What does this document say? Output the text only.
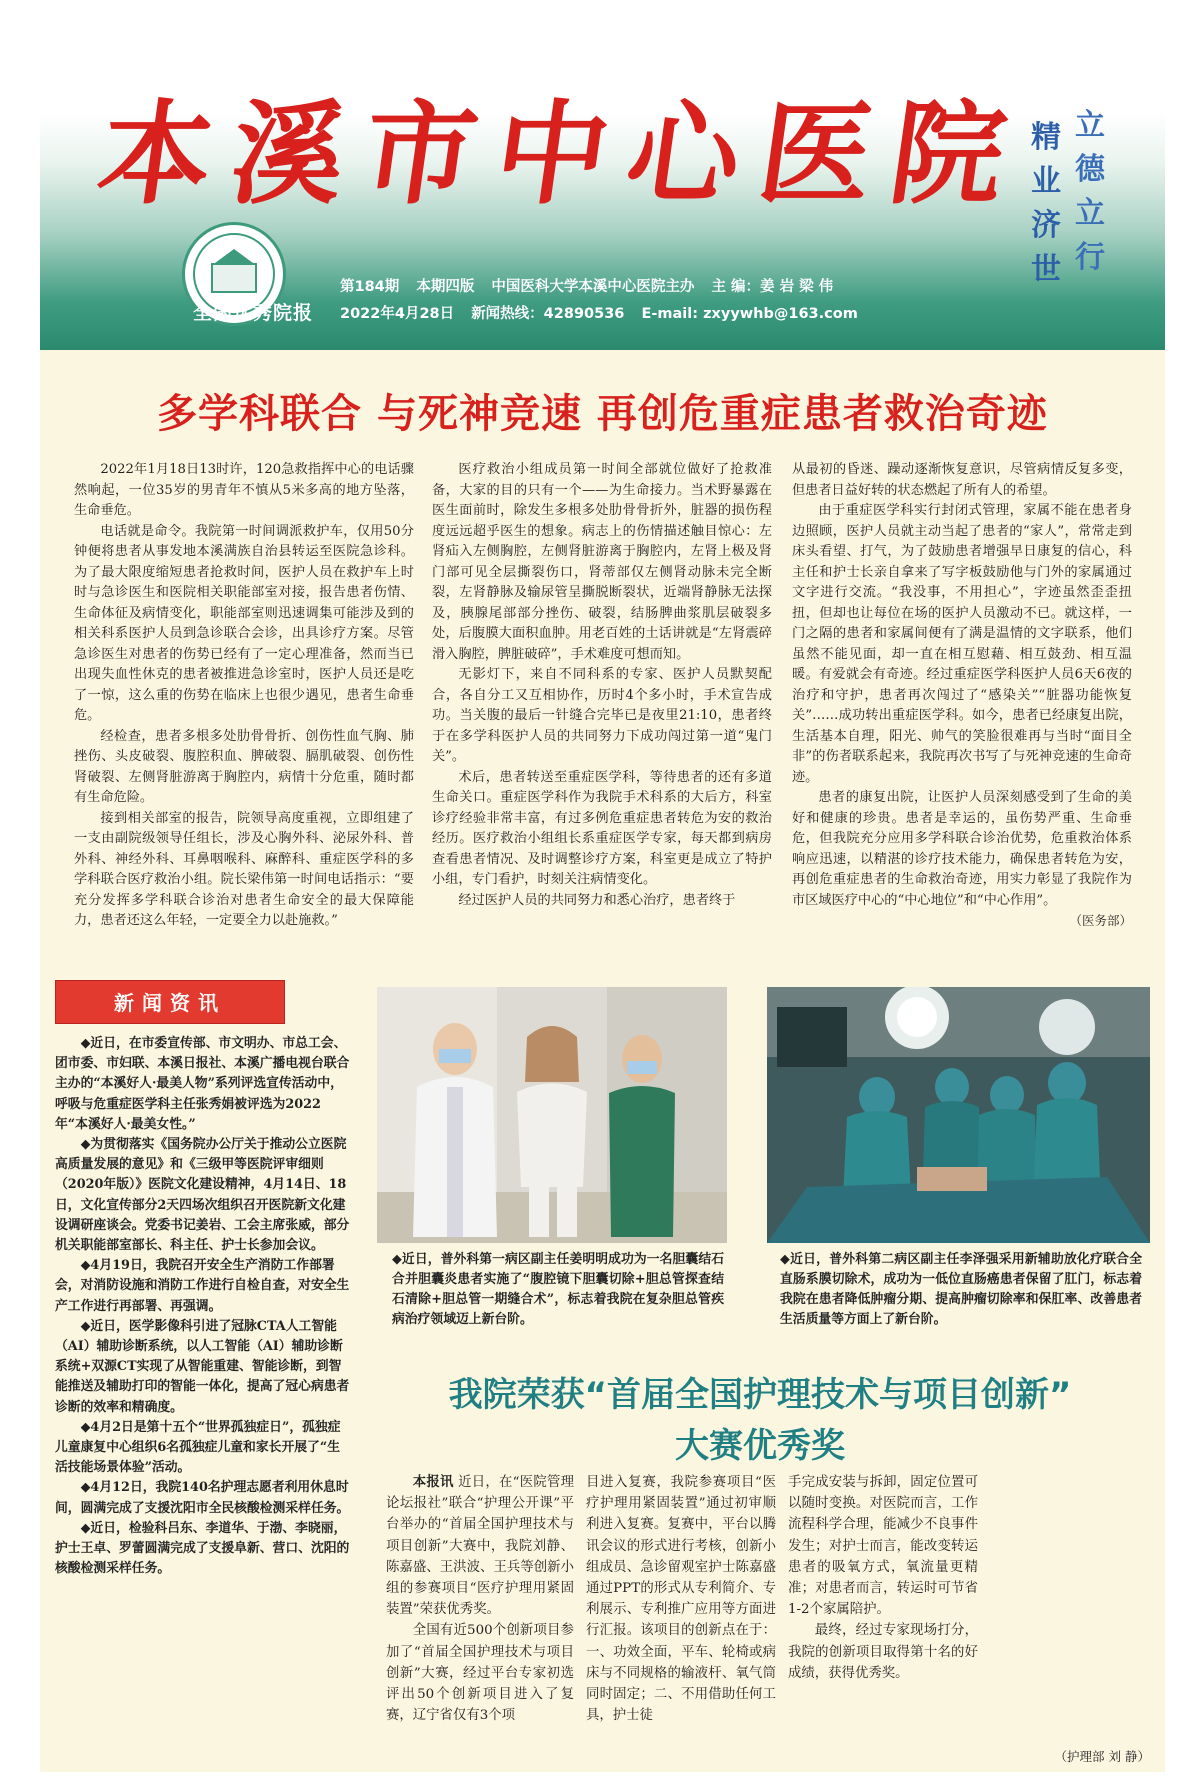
本溪市中心医院 立
德
立
行
精
业
济
世
全国优秀院报
第184期 本期四版 中国医科大学本溪中心医院主办 主 编：姜 岩 梁 伟
2022年4月28日 新闻热线：42890536 E-mail: zxyywhb@163.com
多学科联合 与死神竞速 再创危重症患者救治奇迹

2022年1月18日13时许，120急救指挥中心的电话骤然响起，一位35岁的男青年不慎从5米多高的地方坠落，生命垂危。

电话就是命令。我院第一时间调派救护车，仅用50分钟便将患者从事发地本溪满族自治县转运至医院急诊科。为了最大限度缩短患者抢救时间，医护人员在救护车上时时与急诊医生和医院相关职能部室对接，报告患者伤情、生命体征及病情变化，职能部室则迅速调集可能涉及到的相关科系医护人员到急诊联合会诊，出具诊疗方案。尽管急诊医生对患者的伤势已经有了一定心理准备，然而当已出现失血性休克的患者被推进急诊室时，医护人员还是吃了一惊，这么重的伤势在临床上也很少遇见，患者生命垂危。

经检查，患者多根多处肋骨骨折、创伤性血气胸、肺挫伤、头皮破裂、腹腔积血、脾破裂、膈肌破裂、创伤性肾破裂、左侧肾脏游离于胸腔内，病情十分危重，随时都有生命危险。

接到相关部室的报告，院领导高度重视，立即组建了一支由副院级领导任组长，涉及心胸外科、泌尿外科、普外科、神经外科、耳鼻咽喉科、麻醉科、重症医学科的多学科联合医疗救治小组。院长梁伟第一时间电话指示：“要充分发挥多学科联合诊治对患者生命安全的最大保障能力，患者还这么年轻，一定要全力以赴施救。”

医疗救治小组成员第一时间全部就位做好了抢救准备，大家的目的只有一个——为生命接力。当术野暴露在医生面前时，除发生多根多处肋骨骨折外，脏器的损伤程度远远超乎医生的想象。病志上的伤情描述触目惊心：左肾疝入左侧胸腔，左侧肾脏游离于胸腔内，左肾上极及肾门部可见全层撕裂伤口，肾蒂部仅左侧肾动脉未完全断裂，左肾静脉及输尿管呈撕脱断裂状，近端肾静脉无法探及，胰腺尾部部分挫伤、破裂，结肠脾曲浆肌层破裂多处，后腹膜大面积血肿。用老百姓的土话讲就是“左肾震碎滑入胸腔，脾脏破碎”，手术难度可想而知。

无影灯下，来自不同科系的专家、医护人员默契配合，各自分工又互相协作，历时4个多小时，手术宣告成功。当关腹的最后一针缝合完毕已是夜里21:10，患者终于在多学科医护人员的共同努力下成功闯过第一道“鬼门关”。

术后，患者转送至重症医学科，等待患者的还有多道生命关口。重症医学科作为我院手术科系的大后方，科室诊疗经验非常丰富，有过多例危重症患者转危为安的救治经历。医疗救治小组组长系重症医学专家，每天都到病房查看患者情况、及时调整诊疗方案，科室更是成立了特护小组，专门看护，时刻关注病情变化。

经过医护人员的共同努力和悉心治疗，患者终于

从最初的昏迷、躁动逐渐恢复意识，尽管病情反复多变，但患者日益好转的状态燃起了所有人的希望。

由于重症医学科实行封闭式管理，家属不能在患者身边照顾，医护人员就主动当起了患者的“家人”，常常走到床头看望、打气，为了鼓励患者增强早日康复的信心，科主任和护士长亲自拿来了写字板鼓励他与门外的家属通过文字进行交流。“我没事，不用担心”，字迹虽然歪歪扭扭，但却也让每位在场的医护人员激动不已。就这样，一门之隔的患者和家属间便有了满是温情的文字联系，他们虽然不能见面，却一直在相互慰藉、相互鼓劲、相互温暖。有爱就会有奇迹。经过重症医学科医护人员6天6夜的治疗和守护，患者再次闯过了“感染关”“脏器功能恢复关”……成功转出重症医学科。如今，患者已经康复出院，生活基本自理，阳光、帅气的笑脸很难再与当时“面目全非”的伤者联系起来，我院再次书写了与死神竞速的生命奇迹。

患者的康复出院，让医护人员深刻感受到了生命的美好和健康的珍贵。患者是幸运的，虽伤势严重、生命垂危，但我院充分应用多学科联合诊治优势，危重救治体系响应迅速，以精湛的诊疗技术能力，确保患者转危为安，再创危重症患者的生命救治奇迹，用实力彰显了我院作为市区域医疗中心的“中心地位”和“中心作用”。

（医务部）

新闻资讯

◆近日，在市委宣传部、市文明办、市总工会、团市委、市妇联、本溪日报社、本溪广播电视台联合主办的“本溪好人·最美人物”系列评选宣传活动中，呼吸与危重症医学科主任张秀娟被评选为2022年“本溪好人·最美女性。”

◆为贯彻落实《国务院办公厅关于推动公立医院高质量发展的意见》和《三级甲等医院评审细则（2020年版）》医院文化建设精神，4月14日、18日，文化宣传部分2天四场次组织召开医院新文化建设调研座谈会。党委书记姜岩、工会主席张威，部分机关职能部室部长、科主任、护士长参加会议。

◆4月19日，我院召开安全生产消防工作部署会，对消防设施和消防工作进行自检自查，对安全生产工作进行再部署、再强调。

◆近日，医学影像科引进了冠脉CTA人工智能（AI）辅助诊断系统，以人工智能（AI）辅助诊断系统+双源CT实现了从智能重建、智能诊断，到智能推送及辅助打印的智能一体化，提高了冠心病患者诊断的效率和精确度。

◆4月2日是第十五个“世界孤独症日”，孤独症儿童康复中心组织6名孤独症儿童和家长开展了“生活技能场景体验”活动。

◆4月12日，我院140名护理志愿者利用休息时间，圆满完成了支援沈阳市全民核酸检测采样任务。

◆近日，检验科吕东、李道华、于渤、李晓丽，护士王卓、罗蕾圆满完成了支援阜新、营口、沈阳的核酸检测采样任务。

◆近日，普外科第一病区副主任姜明明成功为一名胆囊结石合并胆囊炎患者实施了“腹腔镜下胆囊切除+胆总管探查结石清除+胆总管一期缝合术”，标志着我院在复杂胆总管疾病治疗领域迈上新台阶。
◆近日，普外科第二病区副主任李泽强采用新辅助放化疗联合全直肠系膜切除术，成功为一低位直肠癌患者保留了肛门，标志着我院在患者降低肿瘤分期、提高肿瘤切除率和保肛率、改善患者生活质量等方面上了新台阶。
我院荣获“首届全国护理技术与项目创新”
大赛优秀奖

本报讯 近日，在“医院管理论坛报社”联合“护理公开课”平台举办的“首届全国护理技术与项目创新”大赛中，我院刘静、陈嘉盛、王洪波、王兵等创新小组的参赛项目“医疗护理用紧固装置”荣获优秀奖。

全国有近500个创新项目参加了“首届全国护理技术与项目创新”大赛，经过平台专家初选评出50个创新项目进入了复赛，辽宁省仅有3个项

目进入复赛，我院参赛项目“医疗护理用紧固装置”通过初审顺利进入复赛。复赛中，平台以腾讯会议的形式进行考核，创新小组成员、急诊留观室护士陈嘉盛通过PPT的形式从专利简介、专利展示、专利推广应用等方面进行汇报。该项目的创新点在于：一、功效全面，平车、轮椅或病床与不同规格的输液杆、氧气筒同时固定；二、不用借助任何工具，护士徒

手完成安装与拆卸，固定位置可以随时变换。对医院而言，工作流程科学合理，能减少不良事件发生；对护士而言，能改变转运患者的吸氧方式，氧流量更精准；对患者而言，转运时可节省1-2个家属陪护。

最终，经过专家现场打分，我院的创新项目取得第十名的好成绩，获得优秀奖。

（护理部 刘 静）
